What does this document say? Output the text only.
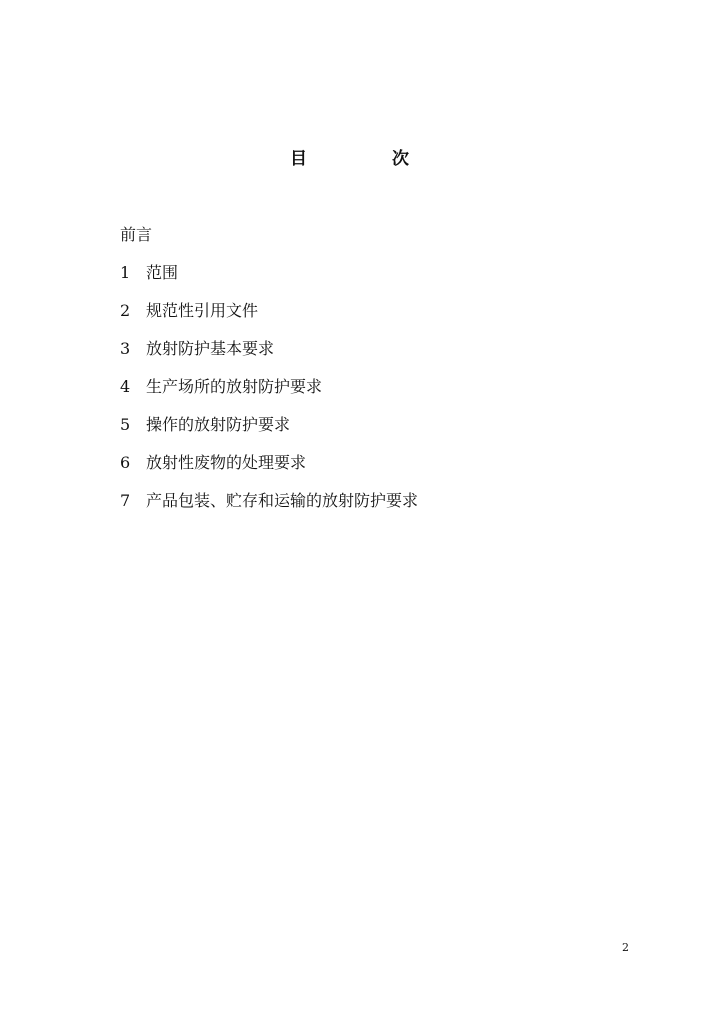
目	次
前言
1 范围
2 规范性引用文件
3 放射防护基本要求
4 生产场所的放射防护要求
5 操作的放射防护要求
6 放射性废物的处理要求
7 产品包装、贮存和运输的放射防护要求
2
